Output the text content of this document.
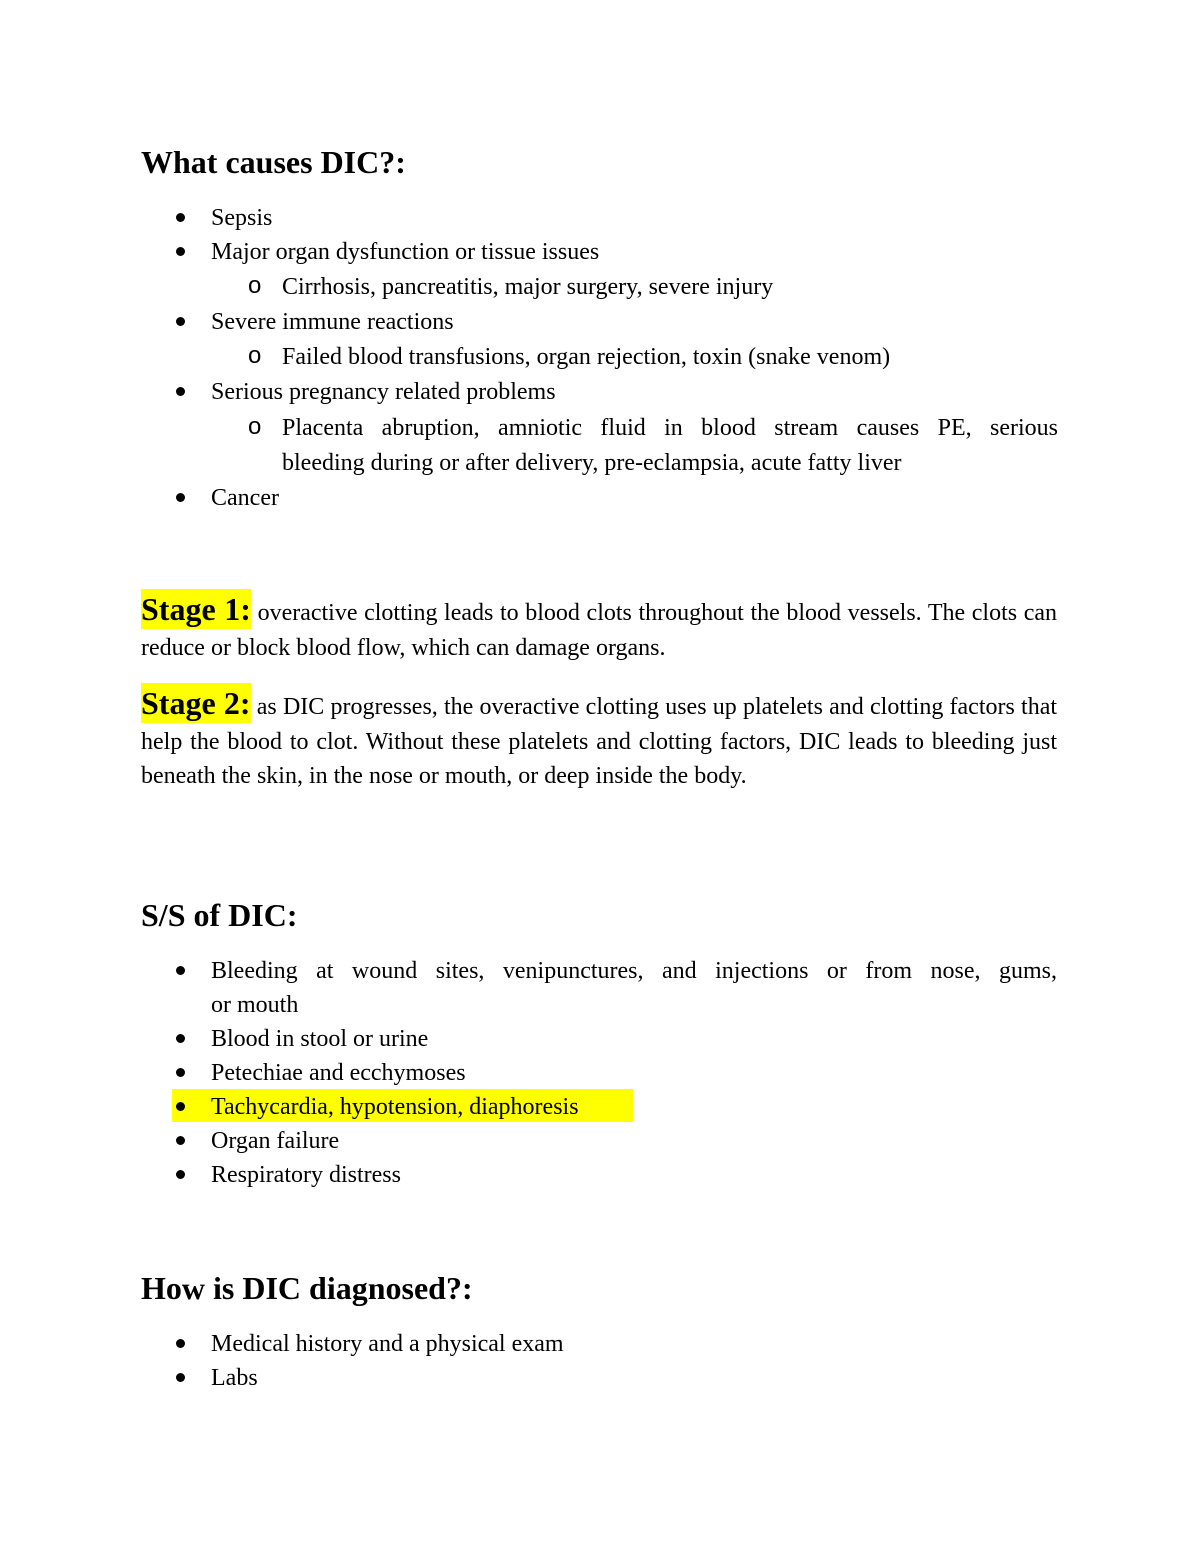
What causes DIC?:
Sepsis
Major organ dysfunction or tissue issues
o Cirrhosis, pancreatitis, major surgery, severe injury
Severe immune reactions
o Failed blood transfusions, organ rejection, toxin (snake venom)
Serious pregnancy related problems
o Placenta abruption, amniotic fluid in blood stream causes PE, serious
bleeding during or after delivery, pre-eclampsia, acute fatty liver
Cancer

Stage 1: overactive clotting leads to blood clots throughout the blood vessels. The clots can reduce or block blood flow, which can damage organs.

Stage 2: as DIC progresses, the overactive clotting uses up platelets and clotting factors that help the blood to clot. Without these platelets and clotting factors, DIC leads to bleeding just beneath the skin, in the nose or mouth, or deep inside the body.

S/S of DIC:
Bleeding at wound sites, venipunctures, and injections or from nose, gums,
or mouth
Blood in stool or urine
Petechiae and ecchymoses
Tachycardia, hypotension, diaphoresis
Organ failure
Respiratory distress
How is DIC diagnosed?:
Medical history and a physical exam
Labs
